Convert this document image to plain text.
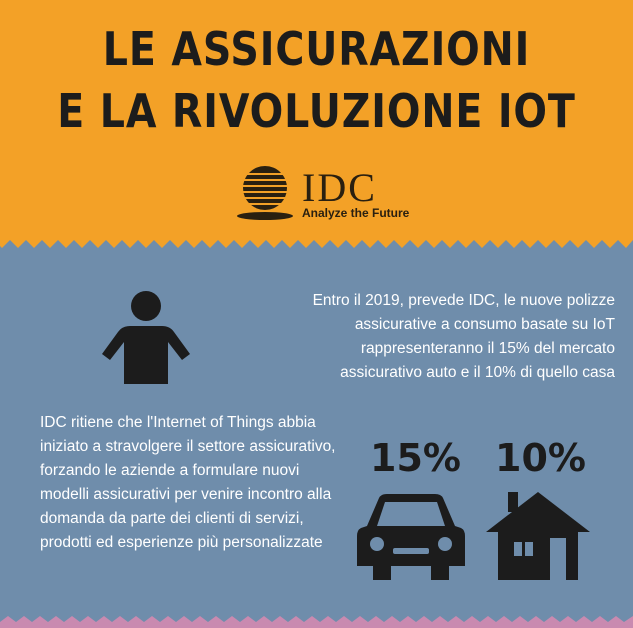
LE ASSICURAZIONI
E LA RIVOLUZIONE IOT
IDC
Analyze the Future
Entro il 2019, prevede IDC, le nuove polizze assicurative a consumo basate su IoT rappresenteranno il 15% del mercato assicurativo auto e il 10% di quello casa
IDC ritiene che l'Internet of Things abbia iniziato a stravolgere il settore assicurativo, forzando le aziende a formulare nuovi modelli assicurativi per venire incontro alla domanda da parte dei clienti di servizi, prodotti ed esperienze più personalizzate
15% 10%
